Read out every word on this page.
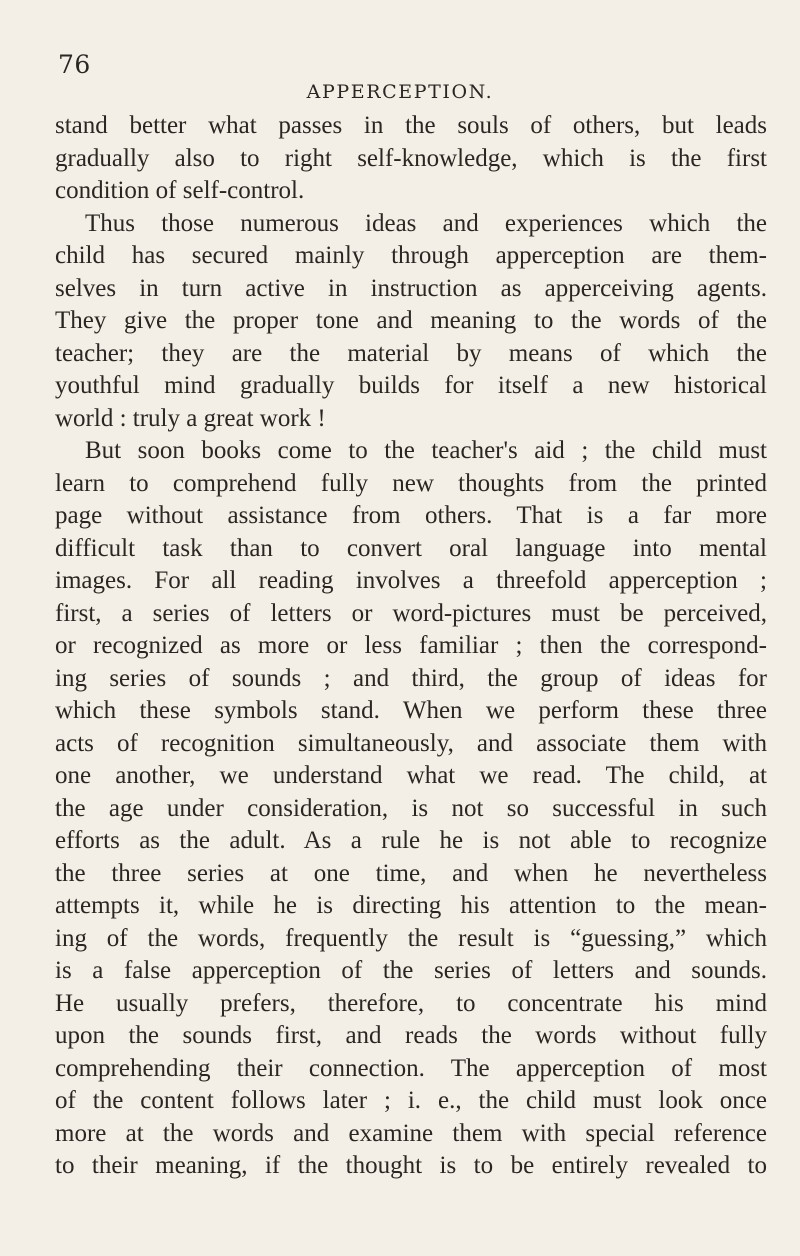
76
APPERCEPTION.
stand better what passes in the souls of others, but leads
gradually also to right self-knowledge, which is the first
condition of self-control.
Thus those numerous ideas and experiences which the
child has secured mainly through apperception are them-
selves in turn active in instruction as apperceiving agents.
They give the proper tone and meaning to the words of the
teacher; they are the material by means of which the
youthful mind gradually builds for itself a new historical
world : truly a great work !
But soon books come to the teacher's aid ; the child must
learn to comprehend fully new thoughts from the printed
page without assistance from others. That is a far more
difficult task than to convert oral language into mental
images. For all reading involves a threefold apperception ;
first, a series of letters or word-pictures must be perceived,
or recognized as more or less familiar ; then the correspond-
ing series of sounds ; and third, the group of ideas for
which these symbols stand. When we perform these three
acts of recognition simultaneously, and associate them with
one another, we understand what we read. The child, at
the age under consideration, is not so successful in such
efforts as the adult. As a rule he is not able to recognize
the three series at one time, and when he nevertheless
attempts it, while he is directing his attention to the mean-
ing of the words, frequently the result is “guessing,” which
is a false apperception of the series of letters and sounds.
He usually prefers, therefore, to concentrate his mind
upon the sounds first, and reads the words without fully
comprehending their connection. The apperception of most
of the content follows later ; i. e., the child must look once
more at the words and examine them with special reference
to their meaning, if the thought is to be entirely revealed to
